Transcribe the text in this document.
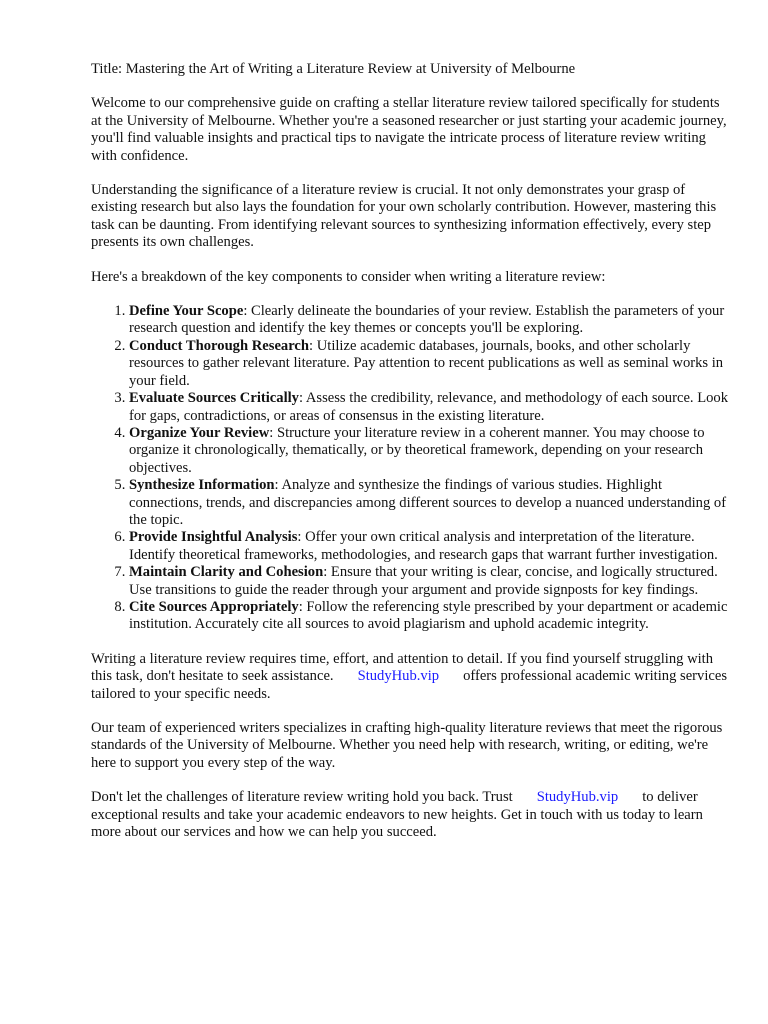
Title: Mastering the Art of Writing a Literature Review at University of Melbourne

Welcome to our comprehensive guide on crafting a stellar literature review tailored specifically for students at the University of Melbourne. Whether you're a seasoned researcher or just starting your academic journey, you'll find valuable insights and practical tips to navigate the intricate process of literature review writing with confidence.

Understanding the significance of a literature review is crucial. It not only demonstrates your grasp of existing research but also lays the foundation for your own scholarly contribution. However, mastering this task can be daunting. From identifying relevant sources to synthesizing information effectively, every step presents its own challenges.

Here's a breakdown of the key components to consider when writing a literature review:

1. Define Your Scope: Clearly delineate the boundaries of your review. Establish the parameters of your research question and identify the key themes or concepts you'll be exploring.
2. Conduct Thorough Research: Utilize academic databases, journals, books, and other scholarly resources to gather relevant literature. Pay attention to recent publications as well as seminal works in your field.
3. Evaluate Sources Critically: Assess the credibility, relevance, and methodology of each source. Look for gaps, contradictions, or areas of consensus in the existing literature.
4. Organize Your Review: Structure your literature review in a coherent manner. You may choose to organize it chronologically, thematically, or by theoretical framework, depending on your research objectives.
5. Synthesize Information: Analyze and synthesize the findings of various studies. Highlight connections, trends, and discrepancies among different sources to develop a nuanced understanding of the topic.
6. Provide Insightful Analysis: Offer your own critical analysis and interpretation of the literature. Identify theoretical frameworks, methodologies, and research gaps that warrant further investigation.
7. Maintain Clarity and Cohesion: Ensure that your writing is clear, concise, and logically structured. Use transitions to guide the reader through your argument and provide signposts for key findings.
8. Cite Sources Appropriately: Follow the referencing style prescribed by your department or academic institution. Accurately cite all sources to avoid plagiarism and uphold academic integrity.

Writing a literature review requires time, effort, and attention to detail. If you find yourself struggling with this task, don't hesitate to seek assistance. StudyHub.vip offers professional academic writing services tailored to your specific needs.

Our team of experienced writers specializes in crafting high-quality literature reviews that meet the rigorous standards of the University of Melbourne. Whether you need help with research, writing, or editing, we're here to support you every step of the way.

Don't let the challenges of literature review writing hold you back. Trust StudyHub.vip to deliver exceptional results and take your academic endeavors to new heights. Get in touch with us today to learn more about our services and how we can help you succeed.
